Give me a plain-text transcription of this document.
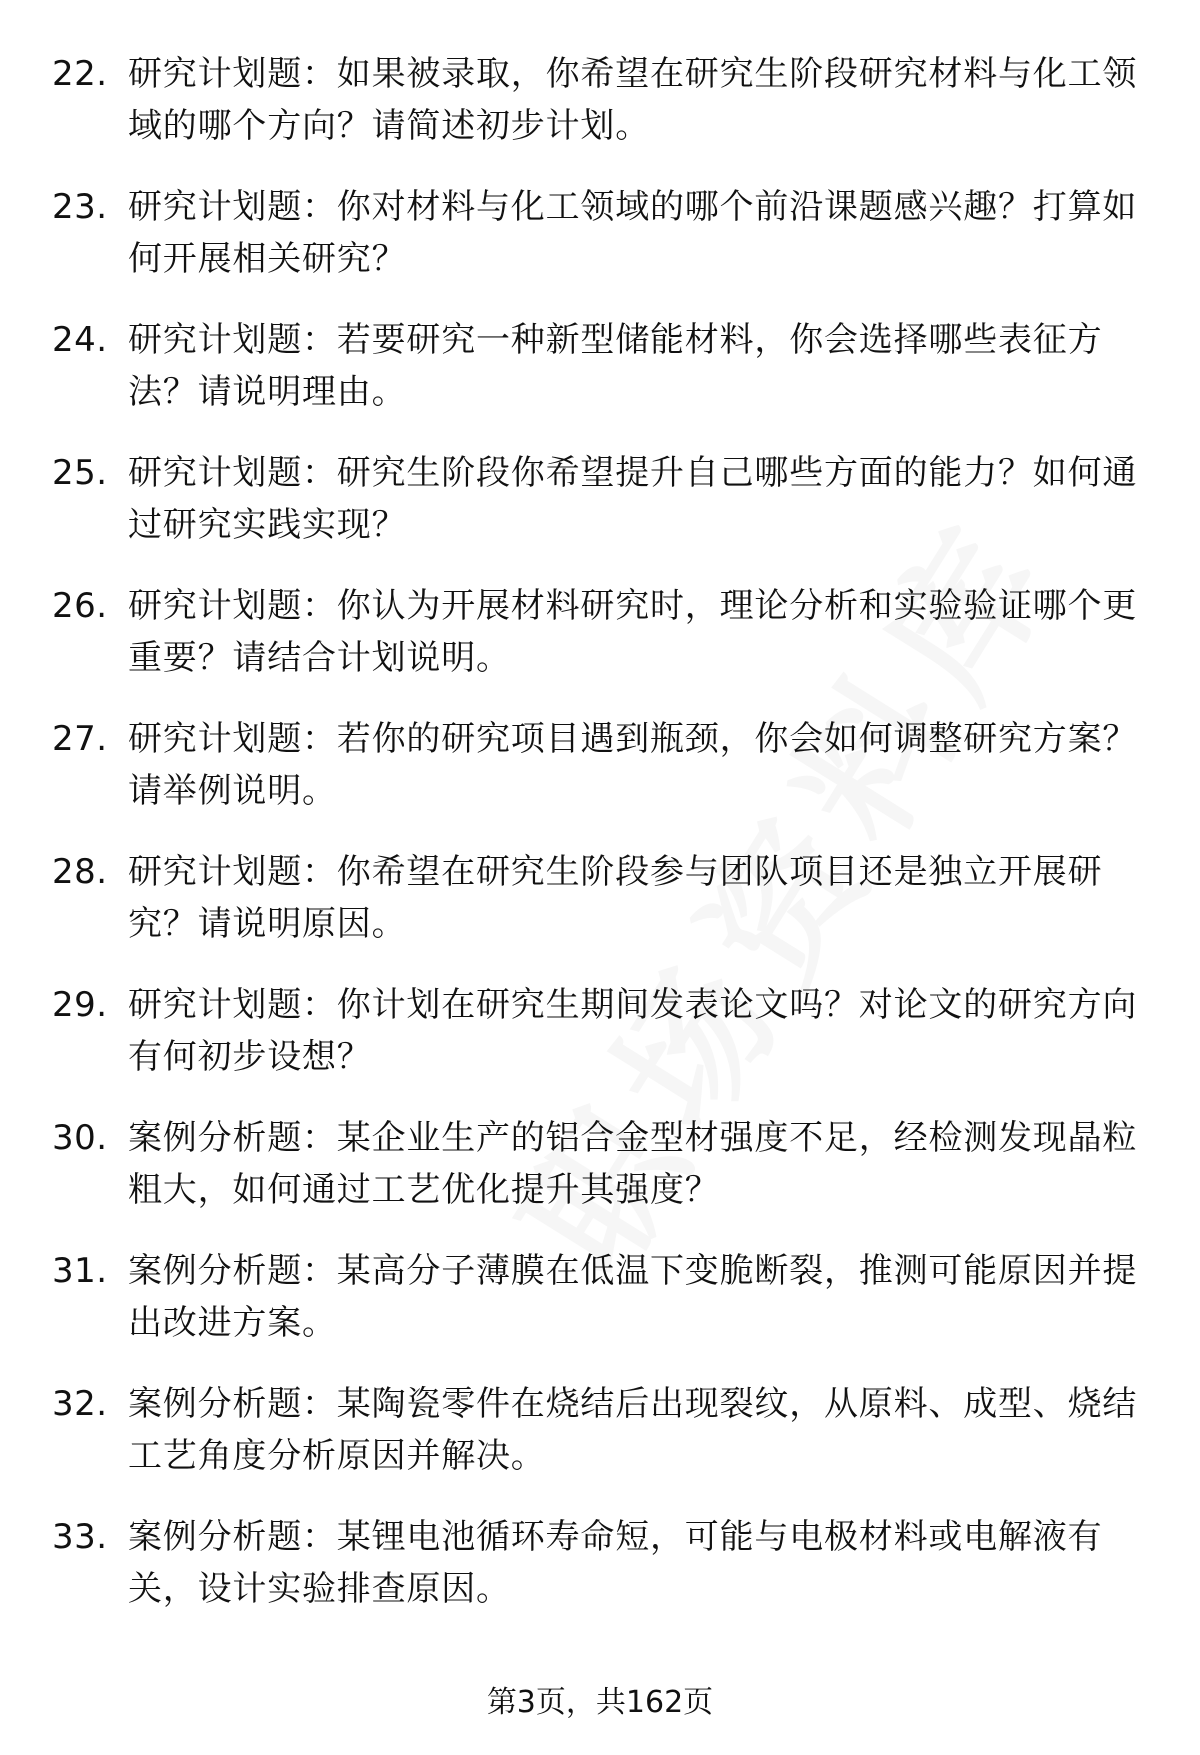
22. 研究计划题：如果被录取，你希望在研究生阶段研究材料与化工领域的哪个方向？请简述初步计划。
23. 研究计划题：你对材料与化工领域的哪个前沿课题感兴趣？打算如何开展相关研究？
24. 研究计划题：若要研究一种新型储能材料，你会选择哪些表征方法？请说明理由。
25. 研究计划题：研究生阶段你希望提升自己哪些方面的能力？如何通过研究实践实现？
26. 研究计划题：你认为开展材料研究时，理论分析和实验验证哪个更重要？请结合计划说明。
27. 研究计划题：若你的研究项目遇到瓶颈，你会如何调整研究方案？请举例说明。
28. 研究计划题：你希望在研究生阶段参与团队项目还是独立开展研究？请说明原因。
29. 研究计划题：你计划在研究生期间发表论文吗？对论文的研究方向有何初步设想？
30. 案例分析题：某企业生产的铝合金型材强度不足，经检测发现晶粒粗大，如何通过工艺优化提升其强度？
31. 案例分析题：某高分子薄膜在低温下变脆断裂，推测可能原因并提出改进方案。
32. 案例分析题：某陶瓷零件在烧结后出现裂纹，从原料、成型、烧结工艺角度分析原因并解决。
33. 案例分析题：某锂电池循环寿命短，可能与电极材料或电解液有关，设计实验排查原因。
第3页，共162页
